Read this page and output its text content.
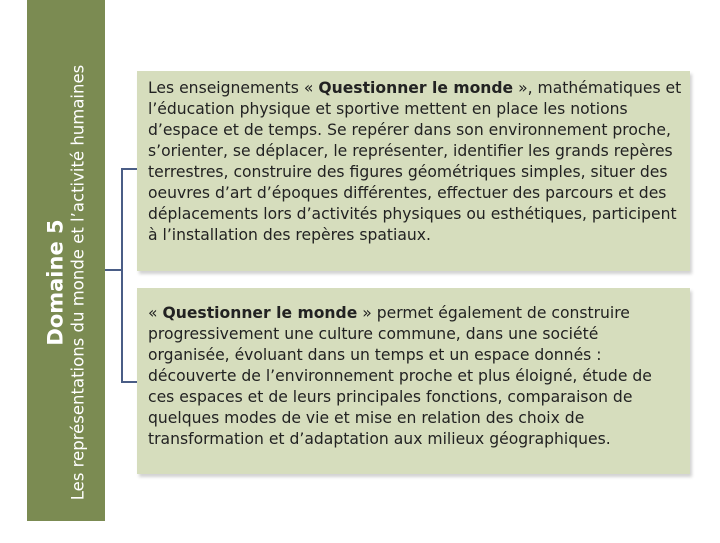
Domaine 5 Les représentations du monde et l’activité humaines	Les enseignements « Questionner le monde », mathématiques et l’éducation physique et sportive mettent en place les notions d’espace et de temps. Se repérer dans son environnement proche, s’orienter, se déplacer, le représenter, identifier les grands repères terrestres, construire des figures géométriques simples, situer des oeuvres d’art d’époques différentes, effectuer des parcours et des déplacements lors d’activités physiques ou esthétiques, participent à l’installation des repères spatiaux.
« Questionner le monde » permet également de construire progressivement une culture commune, dans une société organisée, évoluant dans un temps et un espace donnés : découverte de l’environnement proche et plus éloigné, étude de ces espaces et de leurs principales fonctions, comparaison de quelques modes de vie et mise en relation des choix de transformation et d’adaptation aux milieux géographiques.
